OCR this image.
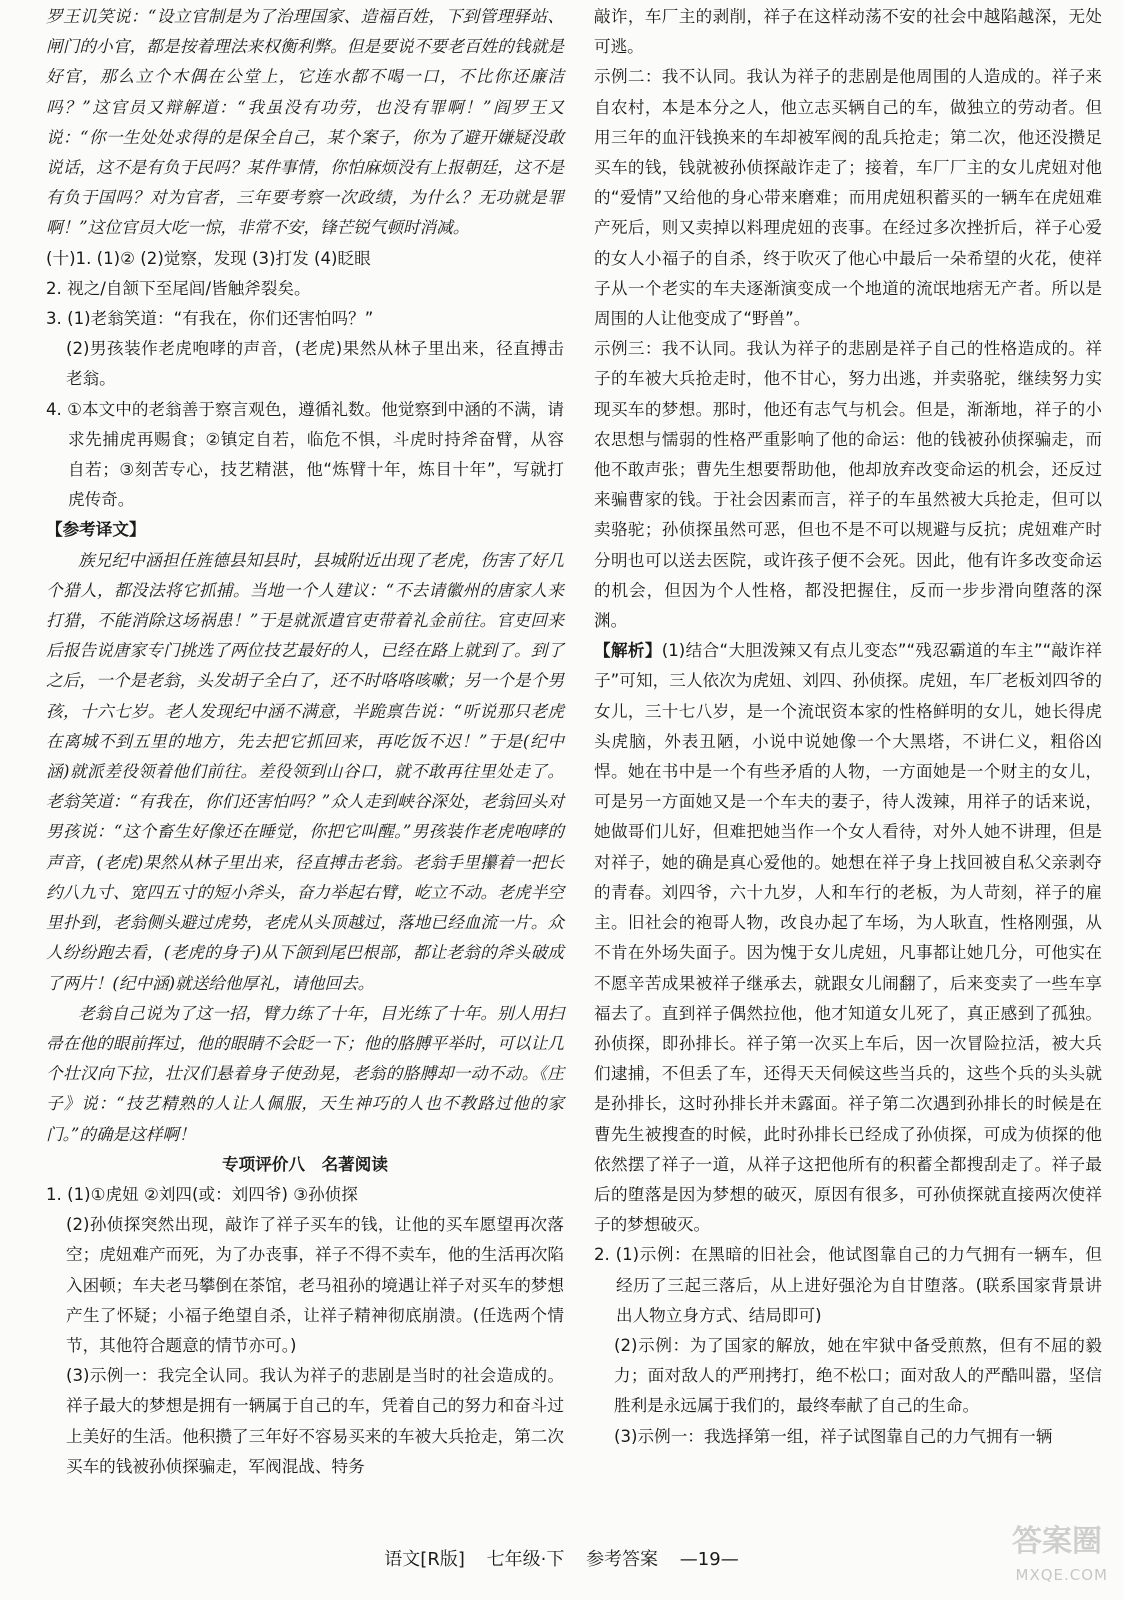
罗王讥笑说：“设立官制是为了治理国家、造福百姓，下到管理驿站、闸门的小官，都是按着理法来权衡利弊。但是要说不要老百姓的钱就是好官，那么立个木偶在公堂上，它连水都不喝一口，不比你还廉洁吗？”这官员又辩解道：“我虽没有功劳，也没有罪啊！”阎罗王又说：“你一生处处求得的是保全自己，某个案子，你为了避开嫌疑没敢说话，这不是有负于民吗？某件事情，你怕麻烦没有上报朝廷，这不是有负于国吗？对为官者，三年要考察一次政绩，为什么？无功就是罪啊！”这位官员大吃一惊，非常不安，锋芒锐气顿时消减。

(十)1. (1)② (2)觉察，发现 (3)打发 (4)眨眼

2. 视之/自颔下至尾闾/皆触斧裂矣。

3. (1)老翁笑道：“有我在，你们还害怕吗？”

(2)男孩装作老虎咆哮的声音，(老虎)果然从林子里出来，径直搏击老翁。

4. ①本文中的老翁善于察言观色，遵循礼数。他觉察到中涵的不满，请求先捕虎再赐食；②镇定自若，临危不惧，斗虎时持斧奋臂，从容自若；③刻苦专心，技艺精湛，他“炼臂十年，炼目十年”，写就打虎传奇。

【参考译文】

族兄纪中涵担任旌德县知县时，县城附近出现了老虎，伤害了好几个猎人，都没法将它抓捕。当地一个人建议：“不去请徽州的唐家人来打猎，不能消除这场祸患！”于是就派遣官吏带着礼金前往。官吏回来后报告说唐家专门挑选了两位技艺最好的人，已经在路上就到了。到了之后，一个是老翁，头发胡子全白了，还不时咯咯咳嗽；另一个是个男孩，十六七岁。老人发现纪中涵不满意，半跪禀告说：“听说那只老虎在离城不到五里的地方，先去把它抓回来，再吃饭不迟！”于是(纪中涵)就派差役领着他们前往。差役领到山谷口，就不敢再往里处走了。老翁笑道：“有我在，你们还害怕吗？”众人走到峡谷深处，老翁回头对男孩说：“这个畜生好像还在睡觉，你把它叫醒。”男孩装作老虎咆哮的声音，(老虎)果然从林子里出来，径直搏击老翁。老翁手里攥着一把长约八九寸、宽四五寸的短小斧头，奋力举起右臂，屹立不动。老虎半空里扑到，老翁侧头避过虎势，老虎从头顶越过，落地已经血流一片。众人纷纷跑去看，(老虎的身子)从下颌到尾巴根部，都让老翁的斧头破成了两片！(纪中涵)就送给他厚礼，请他回去。

老翁自己说为了这一招，臂力练了十年，目光练了十年。别人用扫帚在他的眼前挥过，他的眼睛不会眨一下；他的胳膊平举时，可以让几个壮汉向下拉，壮汉们悬着身子使劲晃，老翁的胳膊却一动不动。《庄子》说：“技艺精熟的人让人佩服，天生神巧的人也不教路过他的家门。”的确是这样啊！

专项评价八　名著阅读

1. (1)①虎妞 ②刘四(或：刘四爷) ③孙侦探

(2)孙侦探突然出现，敲诈了祥子买车的钱，让他的买车愿望再次落空；虎妞难产而死，为了办丧事，祥子不得不卖车，他的生活再次陷入困顿；车夫老马攀倒在茶馆，老马祖孙的境遇让祥子对买车的梦想产生了怀疑；小福子绝望自杀，让祥子精神彻底崩溃。(任选两个情节，其他符合题意的情节亦可。)

(3)示例一：我完全认同。我认为祥子的悲剧是当时的社会造成的。祥子最大的梦想是拥有一辆属于自己的车，凭着自己的努力和奋斗过上美好的生活。他积攒了三年好不容易买来的车被大兵抢走，第二次买车的钱被孙侦探骗走，军阀混战、特务

敲诈，车厂主的剥削，祥子在这样动荡不安的社会中越陷越深，无处可逃。

示例二：我不认同。我认为祥子的悲剧是他周围的人造成的。祥子来自农村，本是本分之人，他立志买辆自己的车，做独立的劳动者。但用三年的血汗钱换来的车却被军阀的乱兵抢走；第二次，他还没攒足买车的钱，钱就被孙侦探敲诈走了；接着，车厂厂主的女儿虎妞对他的“爱情”又给他的身心带来磨难；而用虎妞积蓄买的一辆车在虎妞难产死后，则又卖掉以料理虎妞的丧事。在经过多次挫折后，祥子心爱的女人小福子的自杀，终于吹灭了他心中最后一朵希望的火花，使祥子从一个老实的车夫逐渐演变成一个地道的流氓地痞无产者。所以是周围的人让他变成了“野兽”。

示例三：我不认同。我认为祥子的悲剧是祥子自己的性格造成的。祥子的车被大兵抢走时，他不甘心，努力出逃，并卖骆驼，继续努力实现买车的梦想。那时，他还有志气与机会。但是，渐渐地，祥子的小农思想与懦弱的性格严重影响了他的命运：他的钱被孙侦探骗走，而他不敢声张；曹先生想要帮助他，他却放弃改变命运的机会，还反过来骗曹家的钱。于社会因素而言，祥子的车虽然被大兵抢走，但可以卖骆驼；孙侦探虽然可恶，但也不是不可以规避与反抗；虎妞难产时分明也可以送去医院，或许孩子便不会死。因此，他有许多改变命运的机会，但因为个人性格，都没把握住，反而一步步滑向堕落的深渊。

【解析】(1)结合“大胆泼辣又有点儿变态”“残忍霸道的车主”“敲诈祥子”可知，三人依次为虎妞、刘四、孙侦探。虎妞，车厂老板刘四爷的女儿，三十七八岁，是一个流氓资本家的性格鲜明的女儿，她长得虎头虎脑，外表丑陋，小说中说她像一个大黑塔，不讲仁义，粗俗凶悍。她在书中是一个有些矛盾的人物，一方面她是一个财主的女儿，可是另一方面她又是一个车夫的妻子，待人泼辣，用祥子的话来说，她做哥们儿好，但难把她当作一个女人看待，对外人她不讲理，但是对祥子，她的确是真心爱他的。她想在祥子身上找回被自私父亲剥夺的青春。刘四爷，六十九岁，人和车行的老板，为人苛刻，祥子的雇主。旧社会的袍哥人物，改良办起了车场，为人耿直，性格刚强，从不肯在外场失面子。因为愧于女儿虎妞，凡事都让她几分，可他实在不愿辛苦成果被祥子继承去，就跟女儿闹翻了，后来变卖了一些车享福去了。直到祥子偶然拉他，他才知道女儿死了，真正感到了孤独。孙侦探，即孙排长。祥子第一次买上车后，因一次冒险拉活，被大兵们逮捕，不但丢了车，还得天天伺候这些当兵的，这些个兵的头头就是孙排长，这时孙排长并未露面。祥子第二次遇到孙排长的时候是在曹先生被搜查的时候，此时孙排长已经成了孙侦探，可成为侦探的他依然摆了祥子一道，从祥子这把他所有的积蓄全都搜刮走了。祥子最后的堕落是因为梦想的破灭，原因有很多，可孙侦探就直接两次使祥子的梦想破灭。

2. (1)示例：在黑暗的旧社会，他试图靠自己的力气拥有一辆车，但经历了三起三落后，从上进好强沦为自甘堕落。(联系国家背景讲出人物立身方式、结局即可)

(2)示例：为了国家的解放，她在牢狱中备受煎熬，但有不屈的毅力；面对敌人的严刑拷打，绝不松口；面对敌人的严酷叫嚣，坚信胜利是永远属于我们的，最终奉献了自己的生命。

(3)示例一：我选择第一组，祥子试图靠自己的力气拥有一辆

语文[R版] 七年级·下 参考答案 —19—
答案圈
MXQE.COM
